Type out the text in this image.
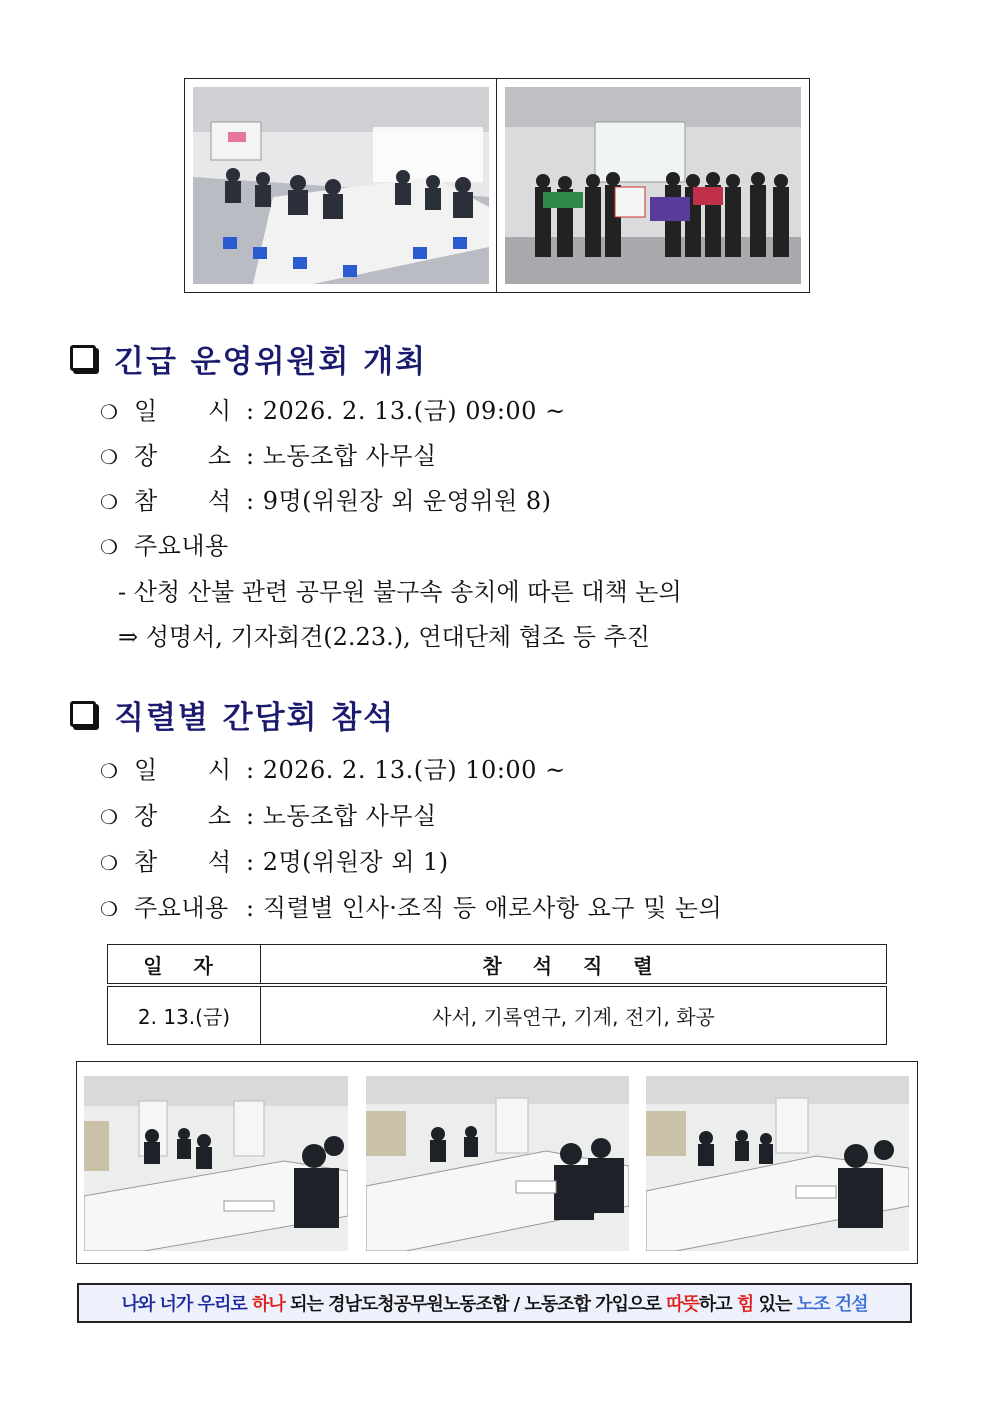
긴급 운영위원회 개최
❍ 일 시 : 2026. 2. 13.(금) 09:00 ~
❍ 장 소 : 노동조합 사무실
❍ 참 석 : 9명(위원장 외 운영위원 8)
❍ 주요내용
- 산청 산불 관련 공무원 불구속 송치에 따른 대책 논의
⇒ 성명서, 기자회견(2.23.), 연대단체 협조 등 추진
직렬별 간담회 참석
❍ 일 시 : 2026. 2. 13.(금) 10:00 ~
❍ 장 소 : 노동조합 사무실
❍ 참 석 : 2명(위원장 외 1)
❍ 주요내용 : 직렬별 인사·조직 등 애로사항 요구 및 논의
일 자	참 석 직 렬
2. 13.(금)	사서, 기록연구, 기계, 전기, 화공
나와 너가 우리로 하나 되는 경남도청공무원노동조합 / 노동조합 가입으로 따뜻 하고 힘 있는 노조 건설
